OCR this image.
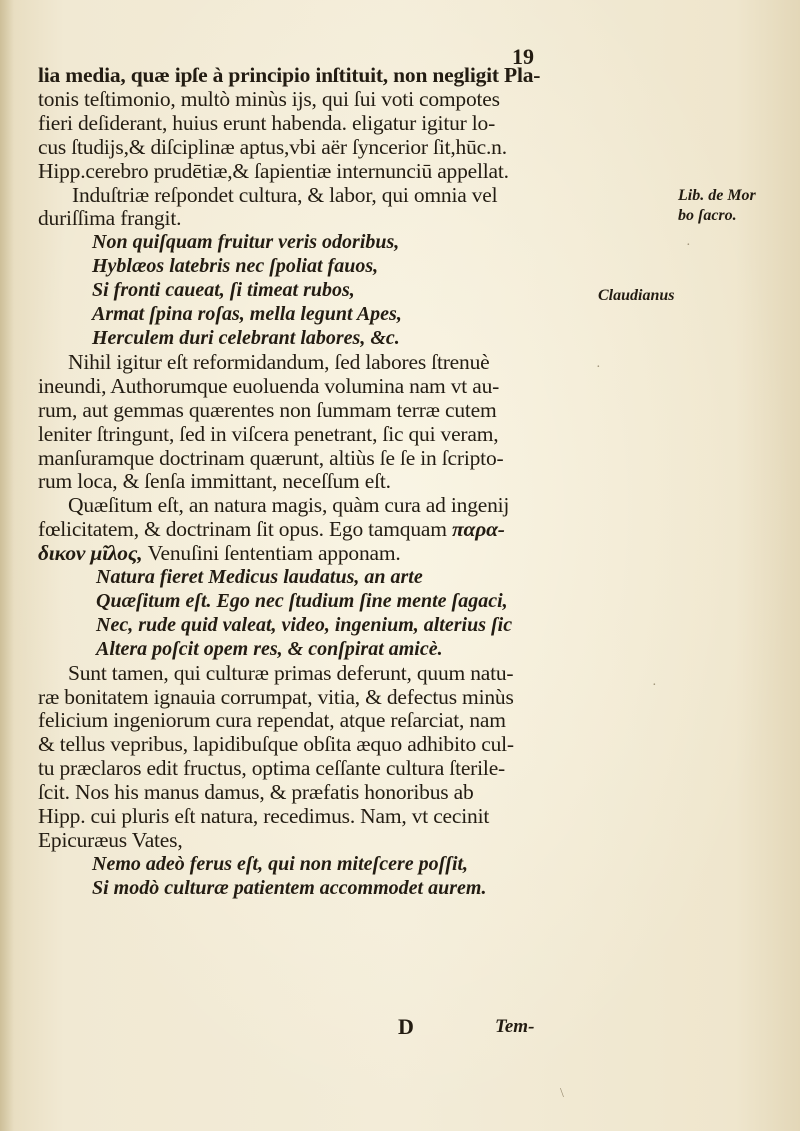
19
lia media, quæ ipſe à principio inſtituit, non negligit Pla-
tonis teſtimonio, multò minùs ijs, qui ſui voti compotes
fieri deſiderant, huius erunt habenda. eligatur igitur lo-
cus ſtudijs,& diſciplinæ aptus,vbi aër ſyncerior ſit,hūc.n.
Hipp.cerebro prudētiæ,& ſapientiæ internunciū appellat.
Induſtriæ reſpondet cultura, & labor, qui omnia vel
duriſſima frangit.
Non quiſquam fruitur veris odoribus,
Hyblæos latebris nec ſpoliat fauos,
Si fronti caueat, ſi timeat rubos,
Armat ſpina roſas, mella legunt Apes,
Herculem duri celebrant labores, &c.
Nihil igitur eſt reformidandum, ſed labores ſtrenuè
ineundi, Authorumque euoluenda volumina nam vt au-
rum, aut gemmas quærentes non ſummam terræ cutem
leniter ſtringunt, ſed in viſcera penetrant, ſic qui veram,
manſuramque doctrinam quærunt, altiùs ſe ſe in ſcripto-
rum loca, & ſenſa immittant, neceſſum eſt.
Quæſitum eſt, an natura magis, quàm cura ad ingenij
fœlicitatem, & doctrinam ſit opus. Ego tamquam παρα-
δικον μῖλος, Venuſini ſententiam apponam.
Natura fieret Medicus laudatus, an arte
Quæſitum eſt. Ego nec ſtudium ſine mente ſagaci,
Nec, rude quid valeat, video, ingenium, alterius ſic
Altera poſcit opem res, & conſpirat amicè.
Sunt tamen, qui culturæ primas deferunt, quum natu-
ræ bonitatem ignauia corrumpat, vitia, & defectus minùs
felicium ingeniorum cura rependat, atque reſarciat, nam
& tellus vepribus, lapidibuſque obſita æquo adhibito cul-
tu præclaros edit fructus, optima ceſſante cultura ſterile-
ſcit. Nos his manus damus, & præfatis honoribus ab
Hipp. cui pluris eſt natura, recedimus. Nam, vt cecinit
Epicuræus Vates,
Nemo adeò ferus eſt, qui non miteſcere poſſit,
Si modò culturæ patientem accommodet aurem.
Lib. de Mor
bo ſacro.
Claudianus
D	Tem-
·
·
·
\
